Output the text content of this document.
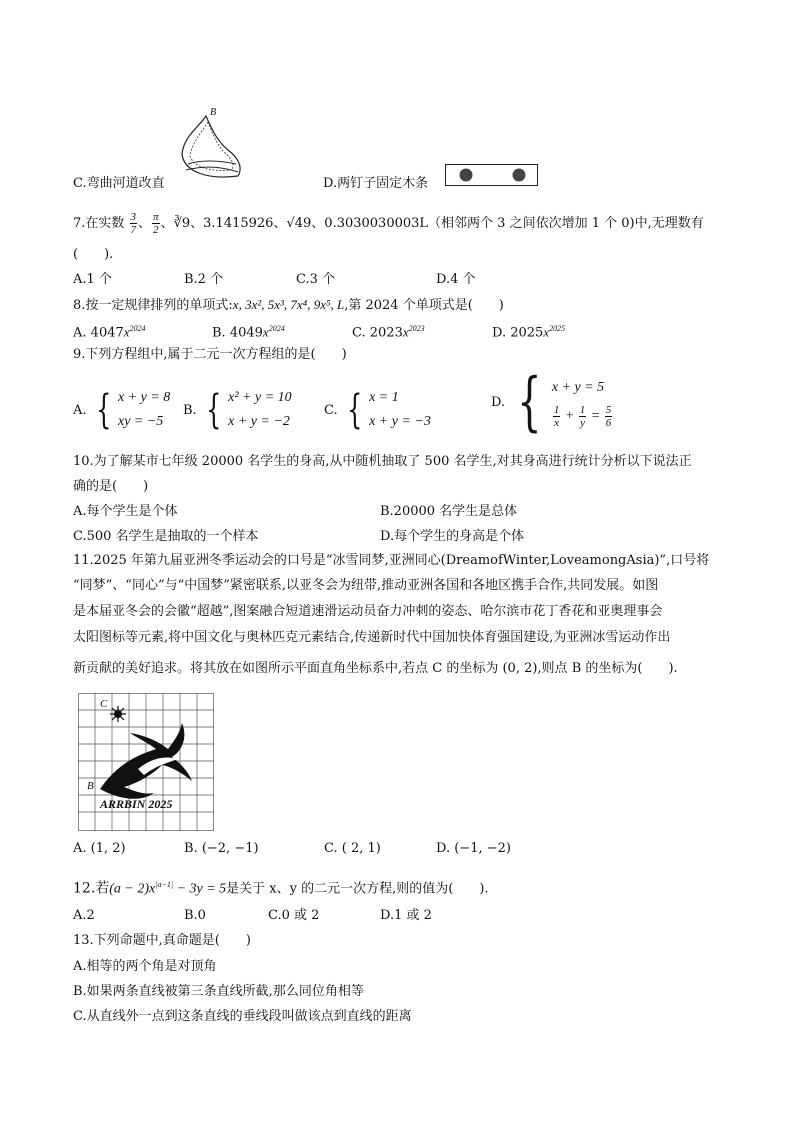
B
C.弯曲河道改直	D.两钉子固定木条
7.在实数 $\frac{3}{7}$ 、 $\frac{\pi}{2}$ 、∛9、3.1415926、√49、0.3030030003L（相邻两个 3 之间依次增加 1 个 0)中,无理数有
(　　).
A.1 个	B.2 个	C.3 个	D.4 个
8.按一定规律排列的单项式:x, 3x², 5x³, 7x⁴, 9x⁵, L,第 2024 个单项式是(　　)
A. $4047x^{2024}$	B. $4049x^{2024}$	C. $2023x^{2023}$	D. $2025x^{2025}$
9.下列方程组中,属于二元一次方程组的是(　　)
A. { x + y = 8
xy = −5
B. { x² + y = 10
x + y = −2
C. { x = 1
x + y = −3
D. { x + y = 5
$\frac{1}{x} + \frac{1}{y} = \frac{5}{6}$
10.为了解某市七年级 20000 名学生的身高,从中随机抽取了 500 名学生,对其身高进行统计分析以下说法正
确的是(　　)
A.每个学生是个体	B.20000 名学生是总体
C.500 名学生是抽取的一个样本	D.每个学生的身高是个体
11.2025 年第九届亚洲冬季运动会的口号是“冰雪同梦,亚洲同心(DreamofWinter,LoveamongAsia)”,口号将
“同梦”、“同心”与“中国梦”紧密联系,以亚冬会为纽带,推动亚洲各国和各地区携手合作,共同发展。如图
是本届亚冬会的会徽“超越”,图案融合短道速滑运动员奋力冲刺的姿态、哈尔滨市花丁香花和亚奥理事会
太阳图标等元素,将中国文化与奥林匹克元素结合,传递新时代中国加快体育强国建设,为亚洲冰雪运动作出
新贡献的美好追求。将其放在如图所示平面直角坐标系中,若点 C 的坐标为 (0, 2),则点 B 的坐标为(　　).
C
B
ARRBIN 2025
A. (1, 2)	B. (−2, −1)	C. ( 2, 1)	D. (−1, −2)
12.若$(a - 2)x^{|a-1|} - 3y = 5$是关于 x、y 的二元一次方程,则的值为(　　).
A.2	B.0	C.0 或 2	D.1 或 2
13.下列命题中,真命题是(　　)
A.相等的两个角是对顶角
B.如果两条直线被第三条直线所截,那么同位角相等
C.从直线外一点到这条直线的垂线段叫做该点到直线的距离
